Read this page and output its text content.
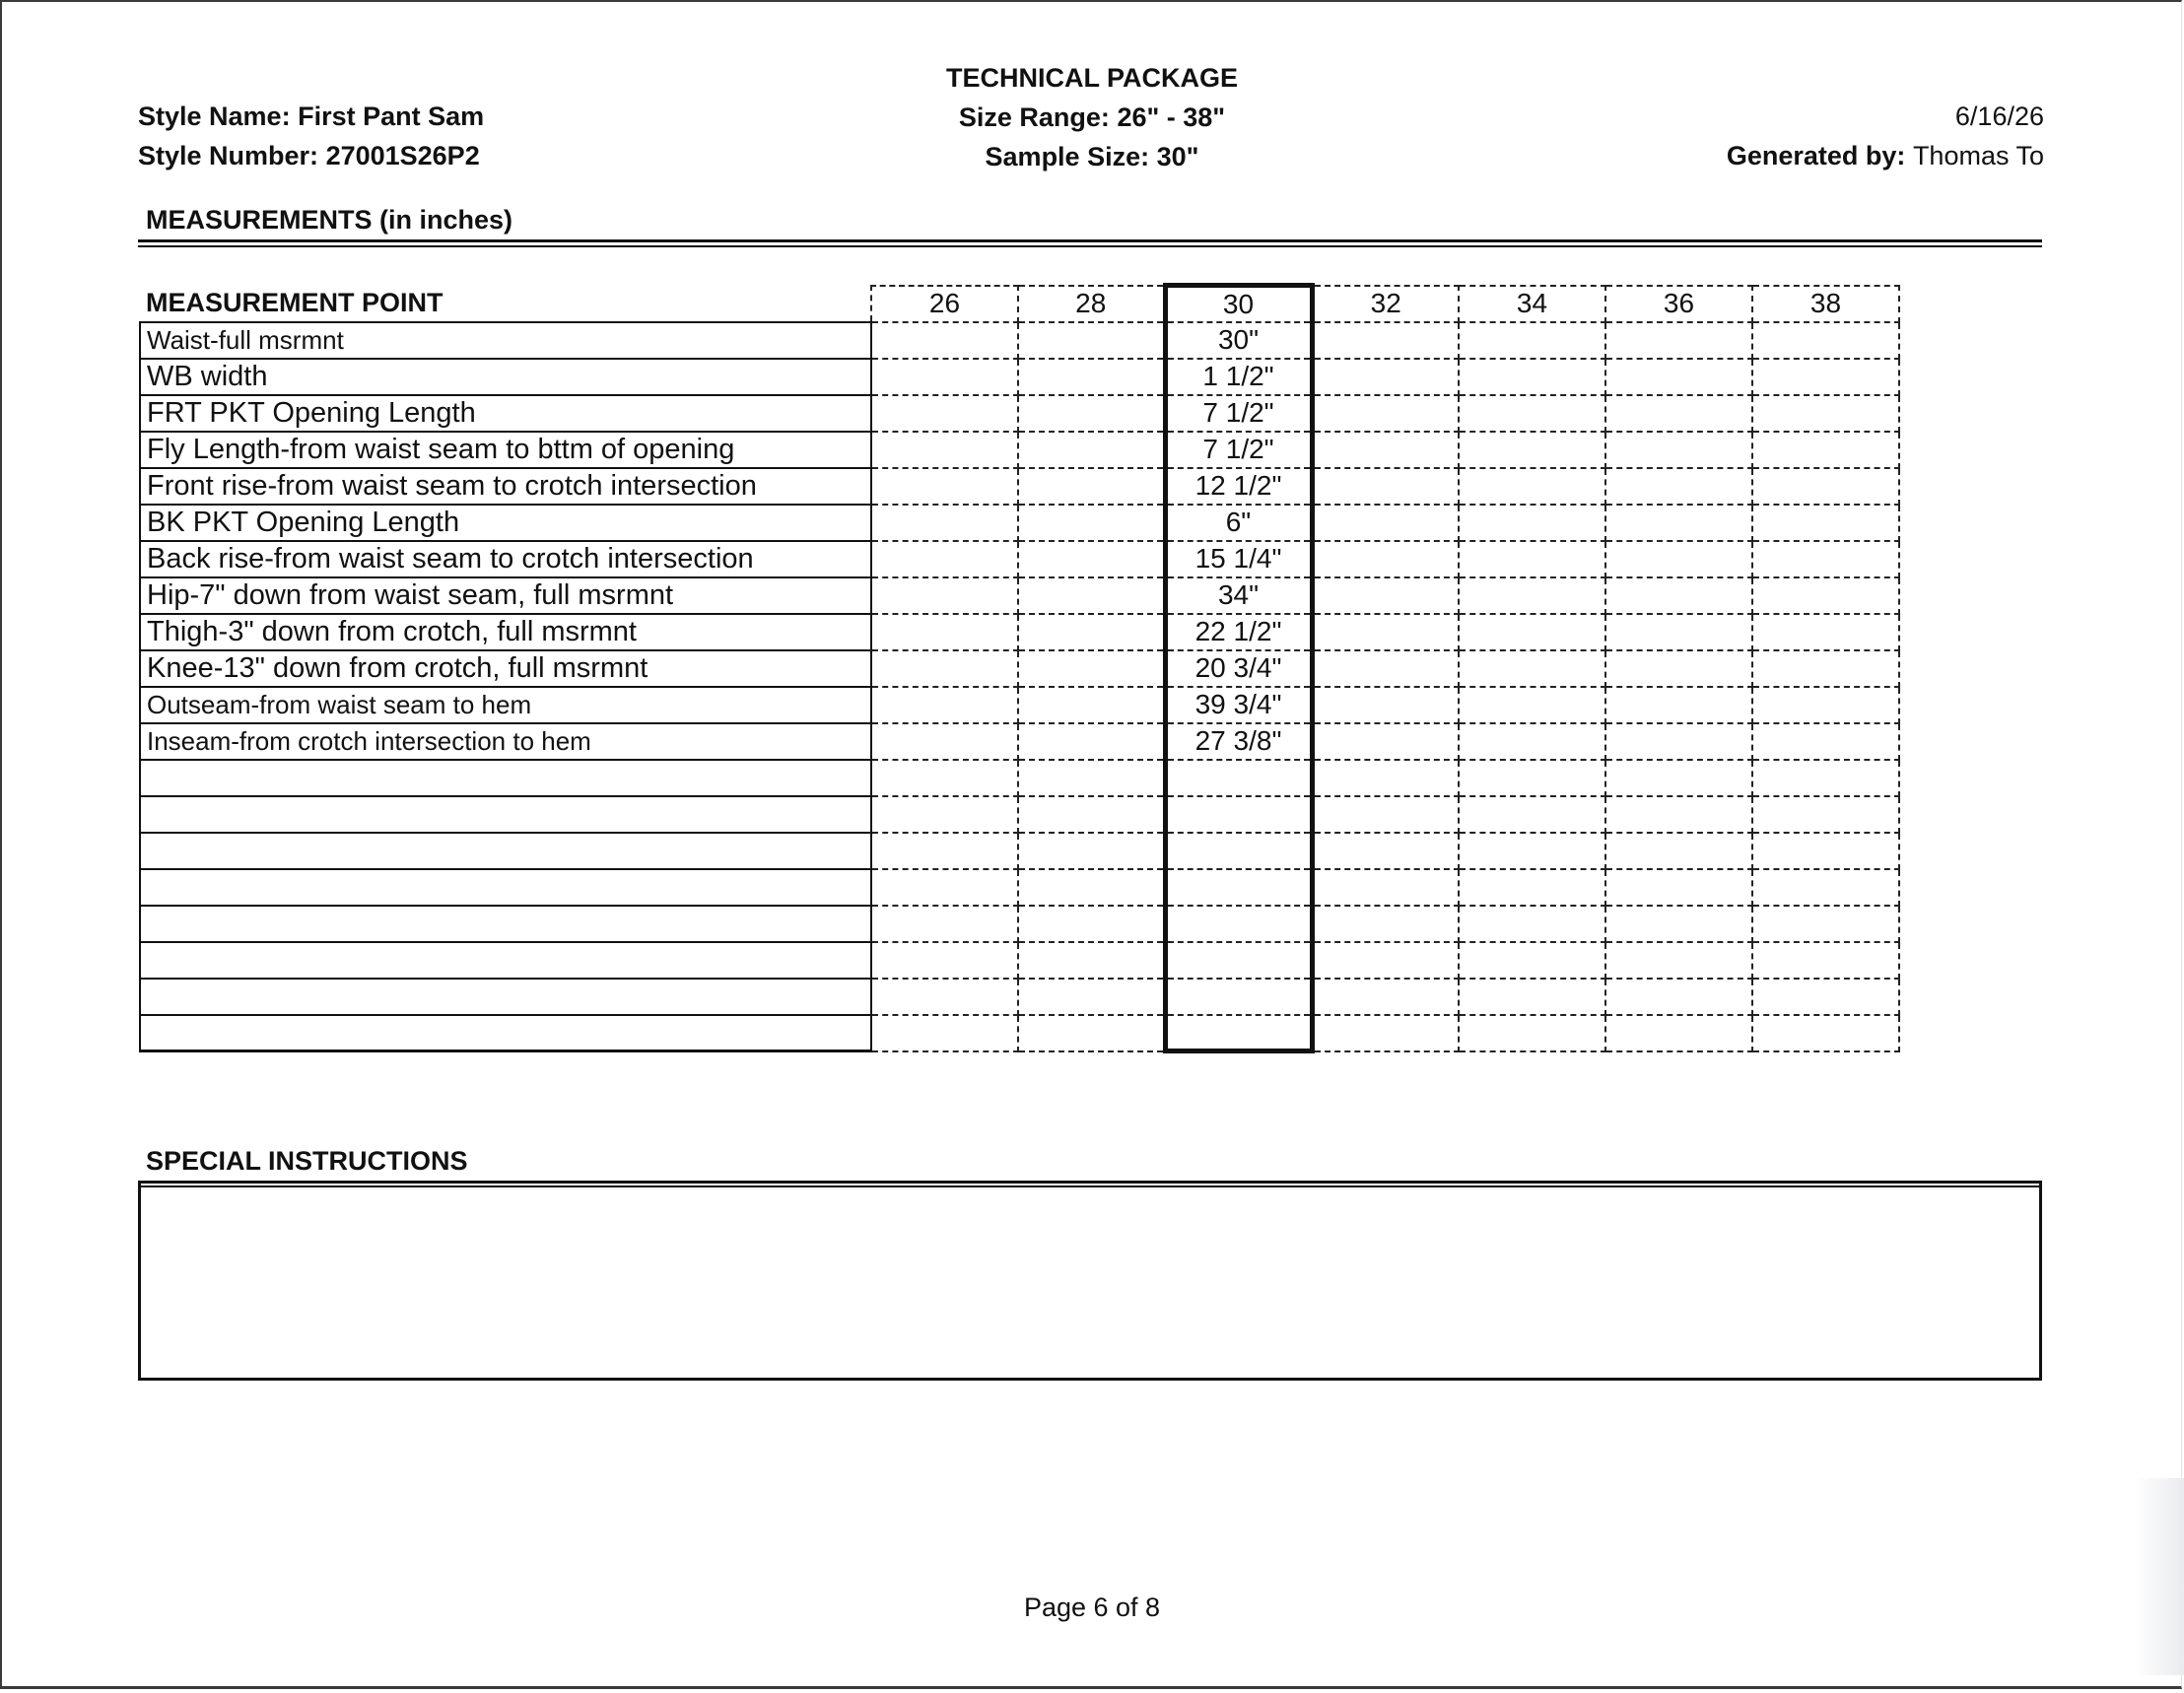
Style Name: First Pant Sam
Style Number: 27001S26P2
TECHNICAL PACKAGE
Size Range: 26" - 38"
Sample Size: 30"
6/16/26
Generated by: Thomas To
MEASUREMENTS (in inches)
MEASUREMENT POINT	26	28	30	32	34	36	38
Waist-full msrmnt			30"				
WB width			1 1/2"				
FRT PKT Opening Length			7 1/2"				
Fly Length-from waist seam to bttm of opening			7 1/2"				
Front rise-from waist seam to crotch intersection			12 1/2"				
BK PKT Opening Length			6"				
Back rise-from waist seam to crotch intersection			15 1/4"				
Hip-7" down from waist seam, full msrmnt			34"				
Thigh-3" down from crotch, full msrmnt			22 1/2"				
Knee-13" down from crotch, full msrmnt			20 3/4"				
Outseam-from waist seam to hem			39 3/4"				
Inseam-from crotch intersection to hem			27 3/8"				

SPECIAL INSTRUCTIONS
Page 6 of 8
